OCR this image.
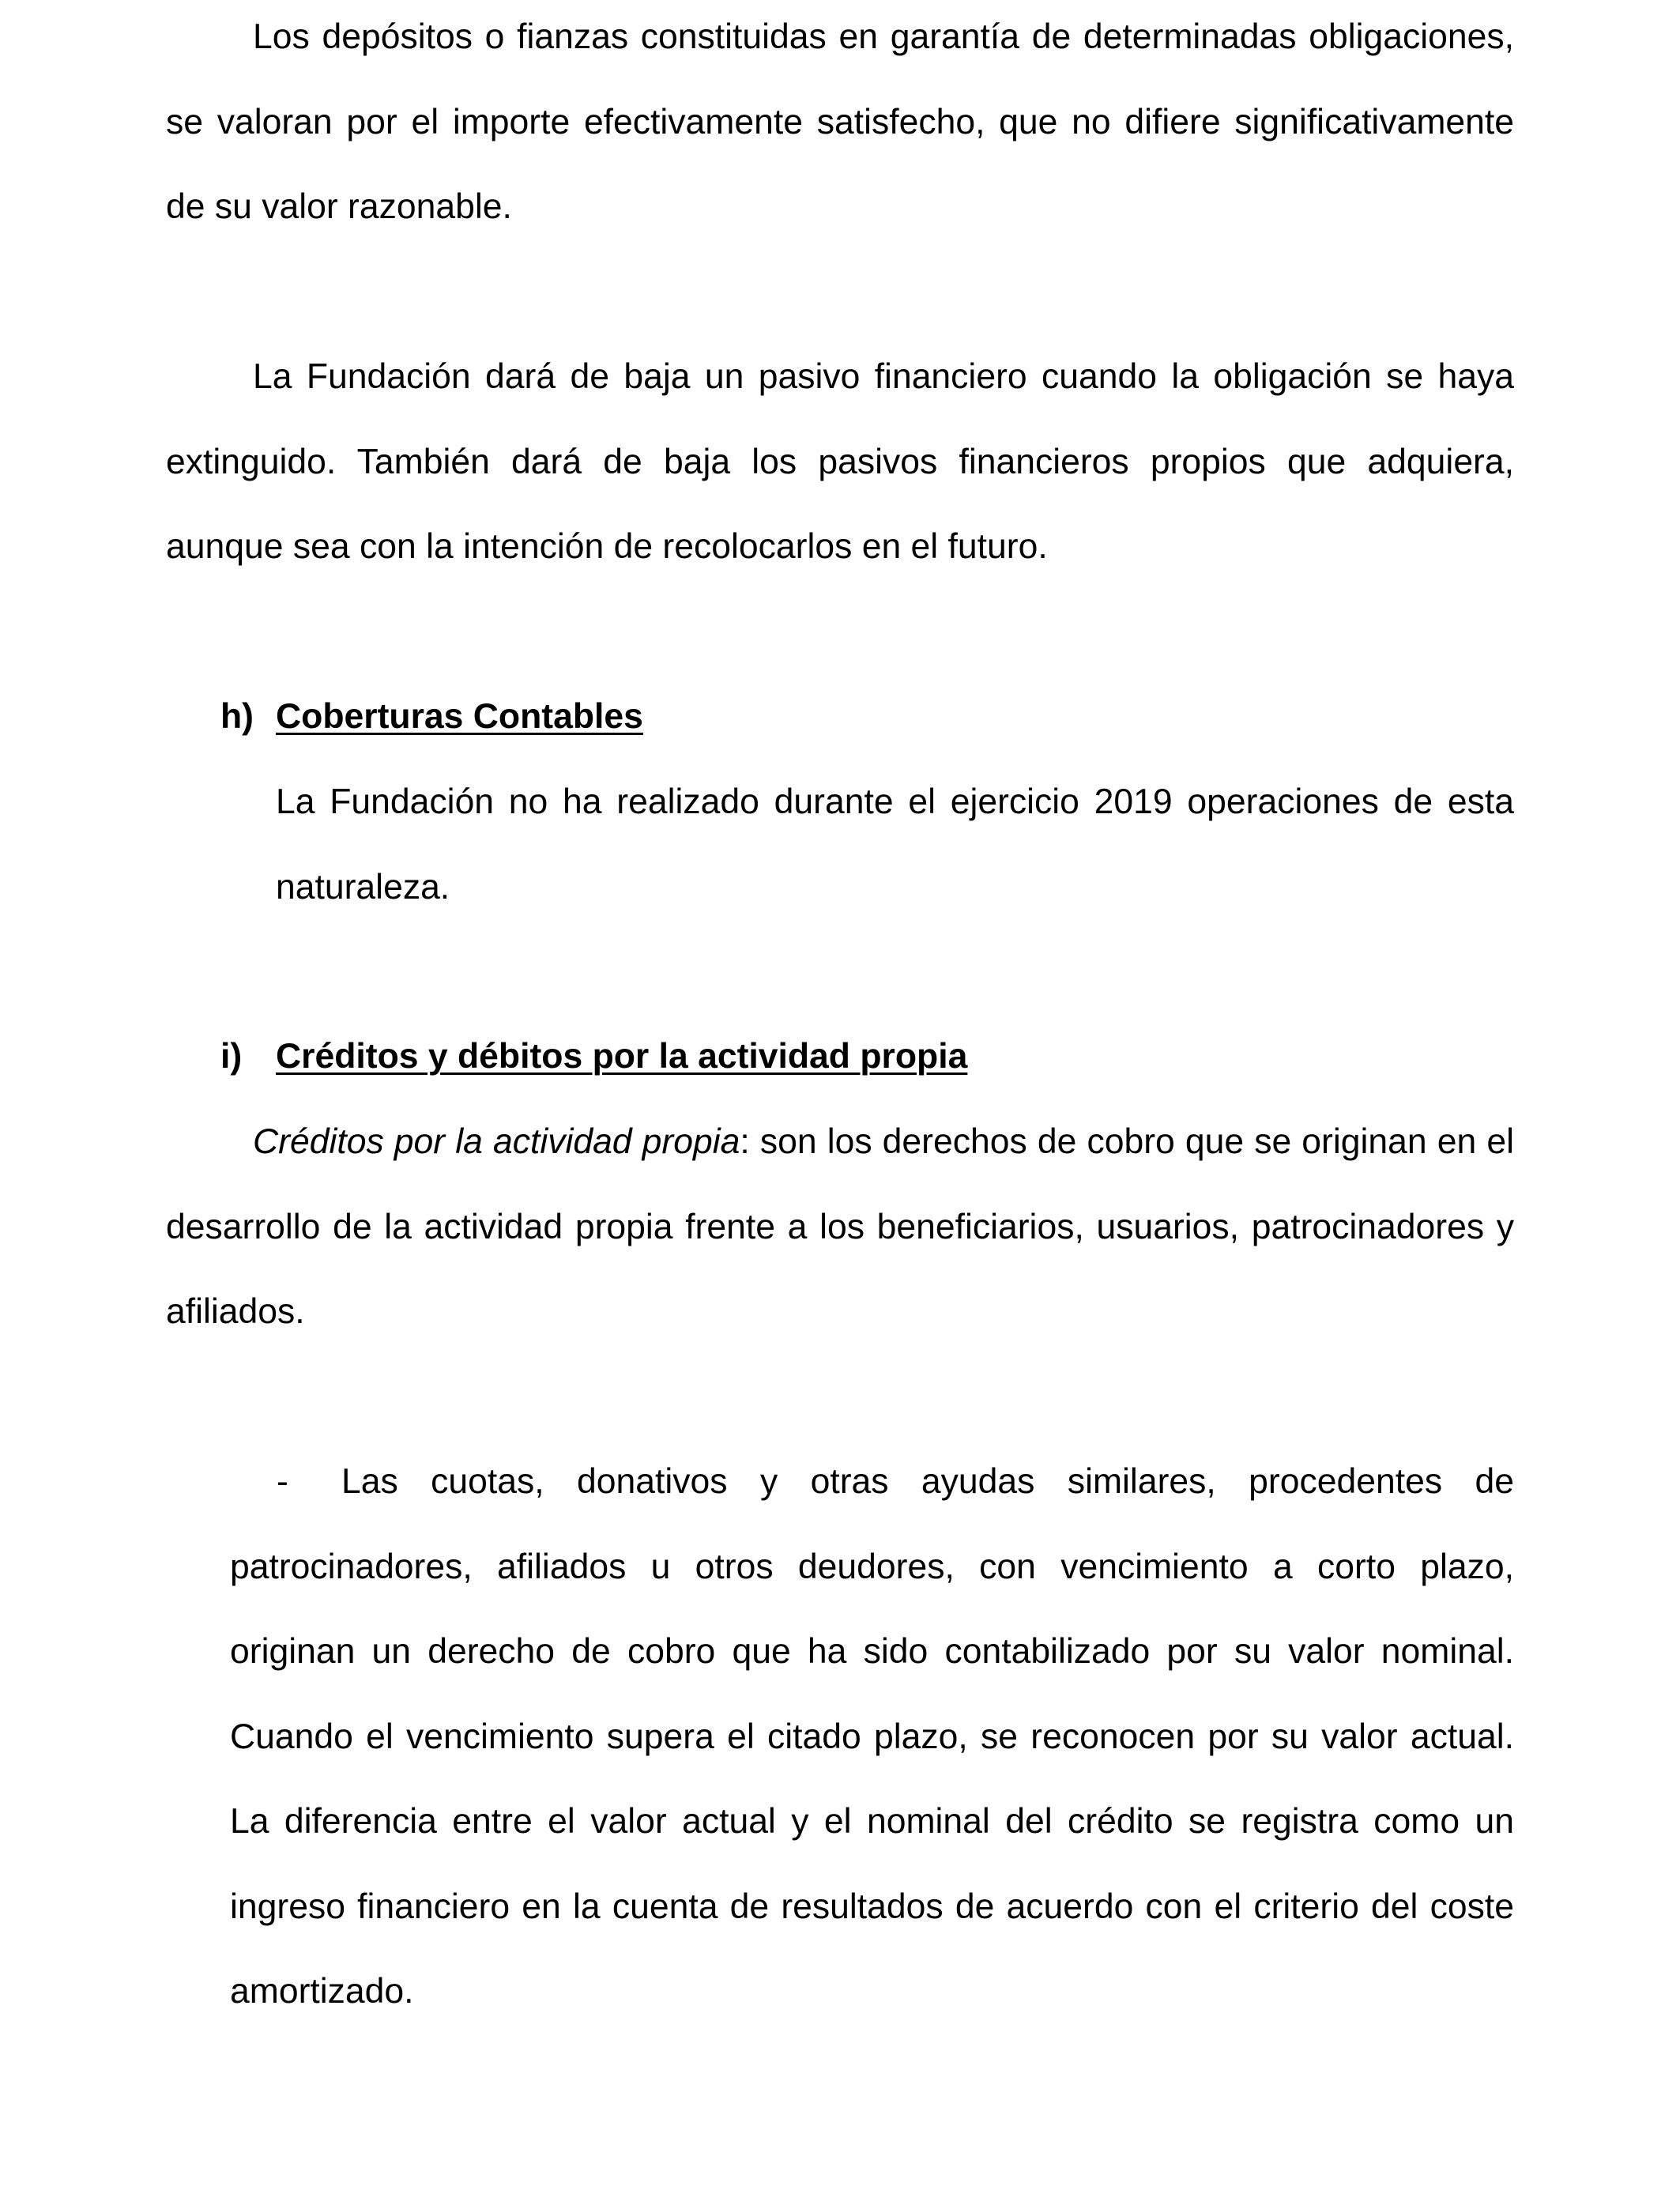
Los depósitos o fianzas constituidas en garantía de determinadas obligaciones, se valoran por el importe efectivamente satisfecho, que no difiere significativamente de su valor razonable.

La Fundación dará de baja un pasivo financiero cuando la obligación se haya extinguido. También dará de baja los pasivos financieros propios que adquiera, aunque sea con la intención de recolocarlos en el futuro.

h) Coberturas Contables

La Fundación no ha realizado durante el ejercicio 2019 operaciones de esta naturaleza.

i) Créditos y débitos por la actividad propia

Créditos por la actividad propia: son los derechos de cobro que se originan en el desarrollo de la actividad propia frente a los beneficiarios, usuarios, patrocinadores y afiliados.

- Las cuotas, donativos y otras ayudas similares, procedentes de patrocinadores, afiliados u otros deudores, con vencimiento a corto plazo, originan un derecho de cobro que ha sido contabilizado por su valor nominal. Cuando el vencimiento supera el citado plazo, se reconocen por su valor actual. La diferencia entre el valor actual y el nominal del crédito se registra como un ingreso financiero en la cuenta de resultados de acuerdo con el criterio del coste amortizado.
